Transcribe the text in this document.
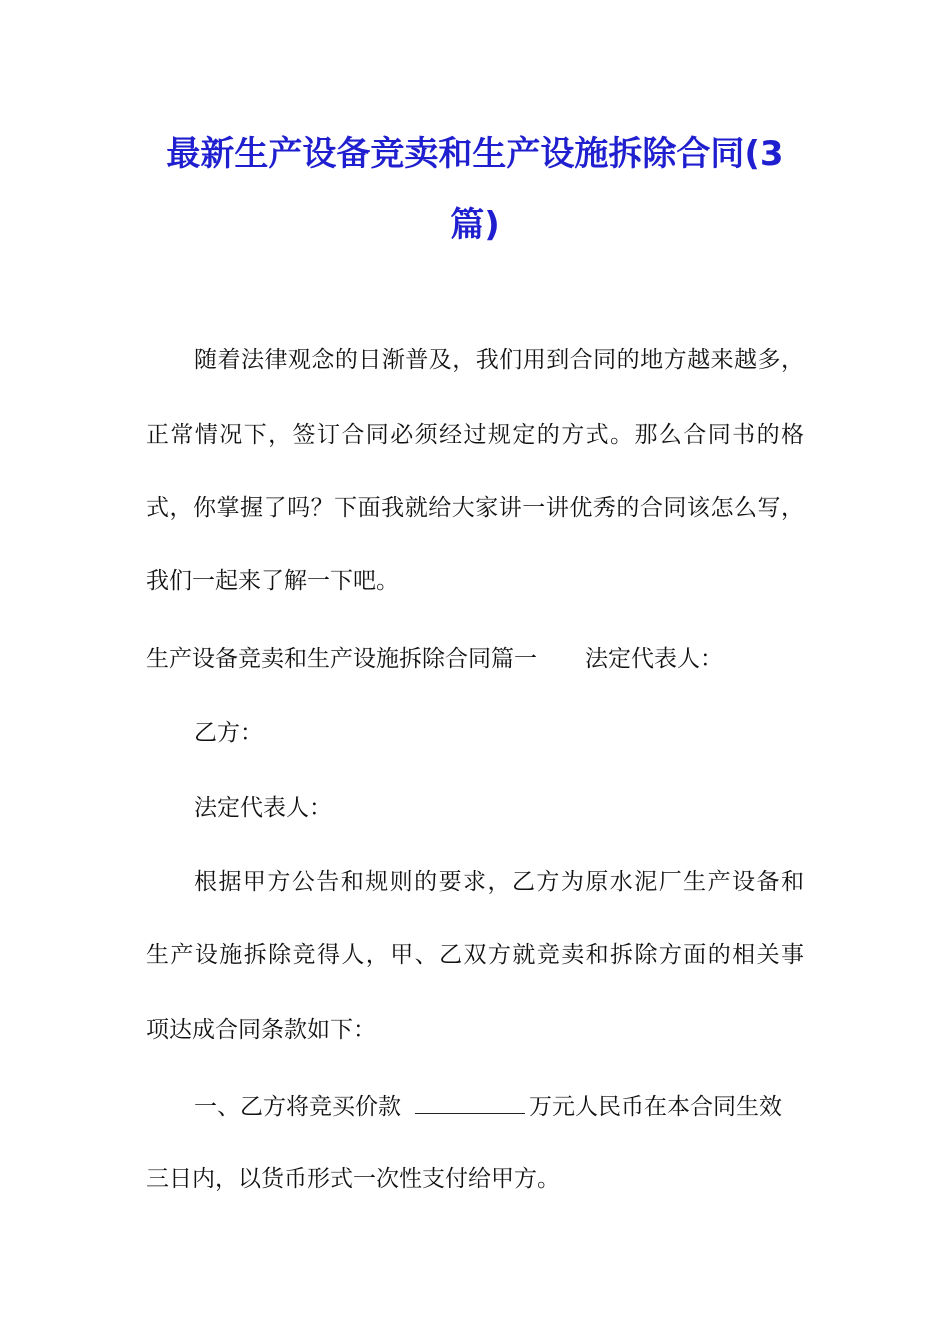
最新生产设备竞卖和生产设施拆除合同(3
篇)
随着法律观念的日渐普及，我们用到合同的地方越来越多，
正常情况下，签订合同必须经过规定的方式。那么合同书的格
式，你掌握了吗？下面我就给大家讲一讲优秀的合同该怎么写，
我们一起来了解一下吧。
生产设备竞卖和生产设施拆除合同篇一 法定代表人：
乙方：
法定代表人：
根据甲方公告和规则的要求，乙方为原水泥厂生产设备和
生产设施拆除竞得人，甲、乙双方就竞卖和拆除方面的相关事
项达成合同条款如下：
一、乙方将竞买价款	万元人民币在本合同生效
三日内，以货币形式一次性支付给甲方。
